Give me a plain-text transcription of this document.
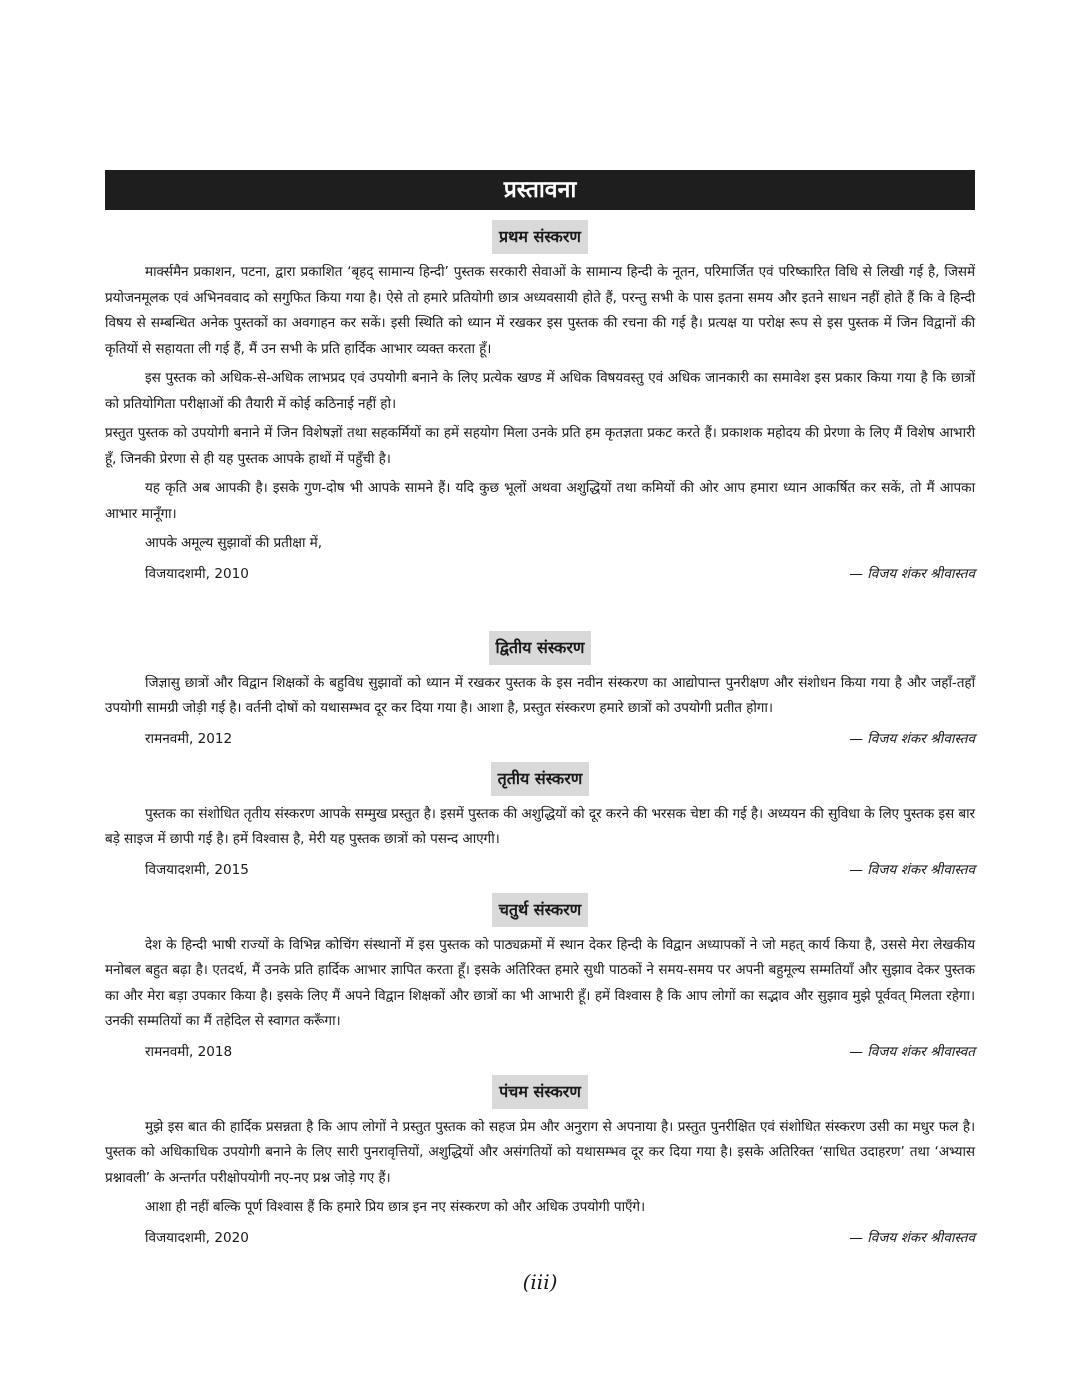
प्रस्तावना
प्रथम संस्करण

मार्क्समैन प्रकाशन, पटना, द्वारा प्रकाशित ‘बृहद् सामान्य हिन्दी’ पुस्तक सरकारी सेवाओं के सामान्य हिन्दी के नूतन, परिमार्जित एवं परिष्कारित विधि से लिखी गई है, जिसमें प्रयोजनमूलक एवं अभिनववाद को सगुफित किया गया है। ऐसे तो हमारे प्रतियोगी छात्र अध्यवसायी होते हैं, परन्तु सभी के पास इतना समय और इतने साधन नहीं होते हैं कि वे हिन्दी विषय से सम्बन्धित अनेक पुस्तकों का अवगाहन कर सकें। इसी स्थिति को ध्यान में रखकर इस पुस्तक की रचना की गई है। प्रत्यक्ष या परोक्ष रूप से इस पुस्तक में जिन विद्वानों की कृतियों से सहायता ली गई हैं, मैं उन सभी के प्रति हार्दिक आभार व्यक्त करता हूँ।

इस पुस्तक को अधिक-से-अधिक लाभप्रद एवं उपयोगी बनाने के लिए प्रत्येक खण्ड में अधिक विषयवस्तु एवं अधिक जानकारी का समावेश इस प्रकार किया गया है कि छात्रों को प्रतियोगिता परीक्षाओं की तैयारी में कोई कठिनाई नहीं हो।

प्रस्तुत पुस्तक को उपयोगी बनाने में जिन विशेषज्ञों तथा सहकर्मियों का हमें सहयोग मिला उनके प्रति हम कृतज्ञता प्रकट करते हैं। प्रकाशक महोदय की प्रेरणा के लिए मैं विशेष आभारी हूँ, जिनकी प्रेरणा से ही यह पुस्तक आपके हाथों में पहुँची है।

यह कृति अब आपकी है। इसके गुण-दोष भी आपके सामने हैं। यदि कुछ भूलों अथवा अशुद्धियों तथा कमियों की ओर आप हमारा ध्यान आकर्षित कर सकें, तो मैं आपका आभार मानूँगा।

आपके अमूल्य सुझावों की प्रतीक्षा में,

विजयादशमी, 2010	— विजय शंकर श्रीवास्तव
द्वितीय संस्करण

जिज्ञासु छात्रों और विद्वान शिक्षकों के बहुविध सुझावों को ध्यान में रखकर पुस्तक के इस नवीन संस्करण का आद्योपान्त पुनरीक्षण और संशोधन किया गया है और जहाँ-तहाँ उपयोगी सामग्री जोड़ी गई है। वर्तनी दोषों को यथासम्भव दूर कर दिया गया है। आशा है, प्रस्तुत संस्करण हमारे छात्रों को उपयोगी प्रतीत होगा।

रामनवमी, 2012	— विजय शंकर श्रीवास्तव
तृतीय संस्करण

पुस्तक का संशोधित तृतीय संस्करण आपके सम्मुख प्रस्तुत है। इसमें पुस्तक की अशुद्धियों को दूर करने की भरसक चेष्टा की गई है। अध्ययन की सुविधा के लिए पुस्तक इस बार बड़े साइज में छापी गई है। हमें विश्वास है, मेरी यह पुस्तक छात्रों को पसन्द आएगी।

विजयादशमी, 2015	— विजय शंकर श्रीवास्तव
चतुर्थ संस्करण

देश के हिन्दी भाषी राज्यों के विभिन्न कोचिंग संस्थानों में इस पुस्तक को पाठ्यक्रमों में स्थान देकर हिन्दी के विद्वान अध्यापकों ने जो महत् कार्य किया है, उससे मेरा लेखकीय मनोबल बहुत बढ़ा है। एतदर्थ, मैं उनके प्रति हार्दिक आभार ज्ञापित करता हूँ। इसके अतिरिक्त हमारे सुधी पाठकों ने समय-समय पर अपनी बहुमूल्य सम्मतियाँ और सुझाव देकर पुस्तक का और मेरा बड़ा उपकार किया है। इसके लिए मैं अपने विद्वान शिक्षकों और छात्रों का भी आभारी हूँ। हमें विश्वास है कि आप लोगों का सद्भाव और सुझाव मुझे पूर्ववत् मिलता रहेगा। उनकी सम्मतियों का मैं तहेदिल से स्वागत करूँगा।

रामनवमी, 2018	— विजय शंकर श्रीवास्वत
पंचम संस्करण

मुझे इस बात की हार्दिक प्रसन्नता है कि आप लोगों ने प्रस्तुत पुस्तक को सहज प्रेम और अनुराग से अपनाया है। प्रस्तुत पुनरीक्षित एवं संशोधित संस्करण उसी का मधुर फल है। पुस्तक को अधिकाधिक उपयोगी बनाने के लिए सारी पुनरावृत्तियों, अशुद्धियों और असंगतियों को यथासम्भव दूर कर दिया गया है। इसके अतिरिक्त ‘साधित उदाहरण’ तथा ‘अभ्यास प्रश्नावली’ के अन्तर्गत परीक्षोपयोगी नए-नए प्रश्न जोड़े गए हैं।

आशा ही नहीं बल्कि पूर्ण विश्वास हैं कि हमारे प्रिय छात्र इन नए संस्करण को और अधिक उपयोगी पाएँगे।

विजयादशमी, 2020	— विजय शंकर श्रीवास्तव
(iii)
